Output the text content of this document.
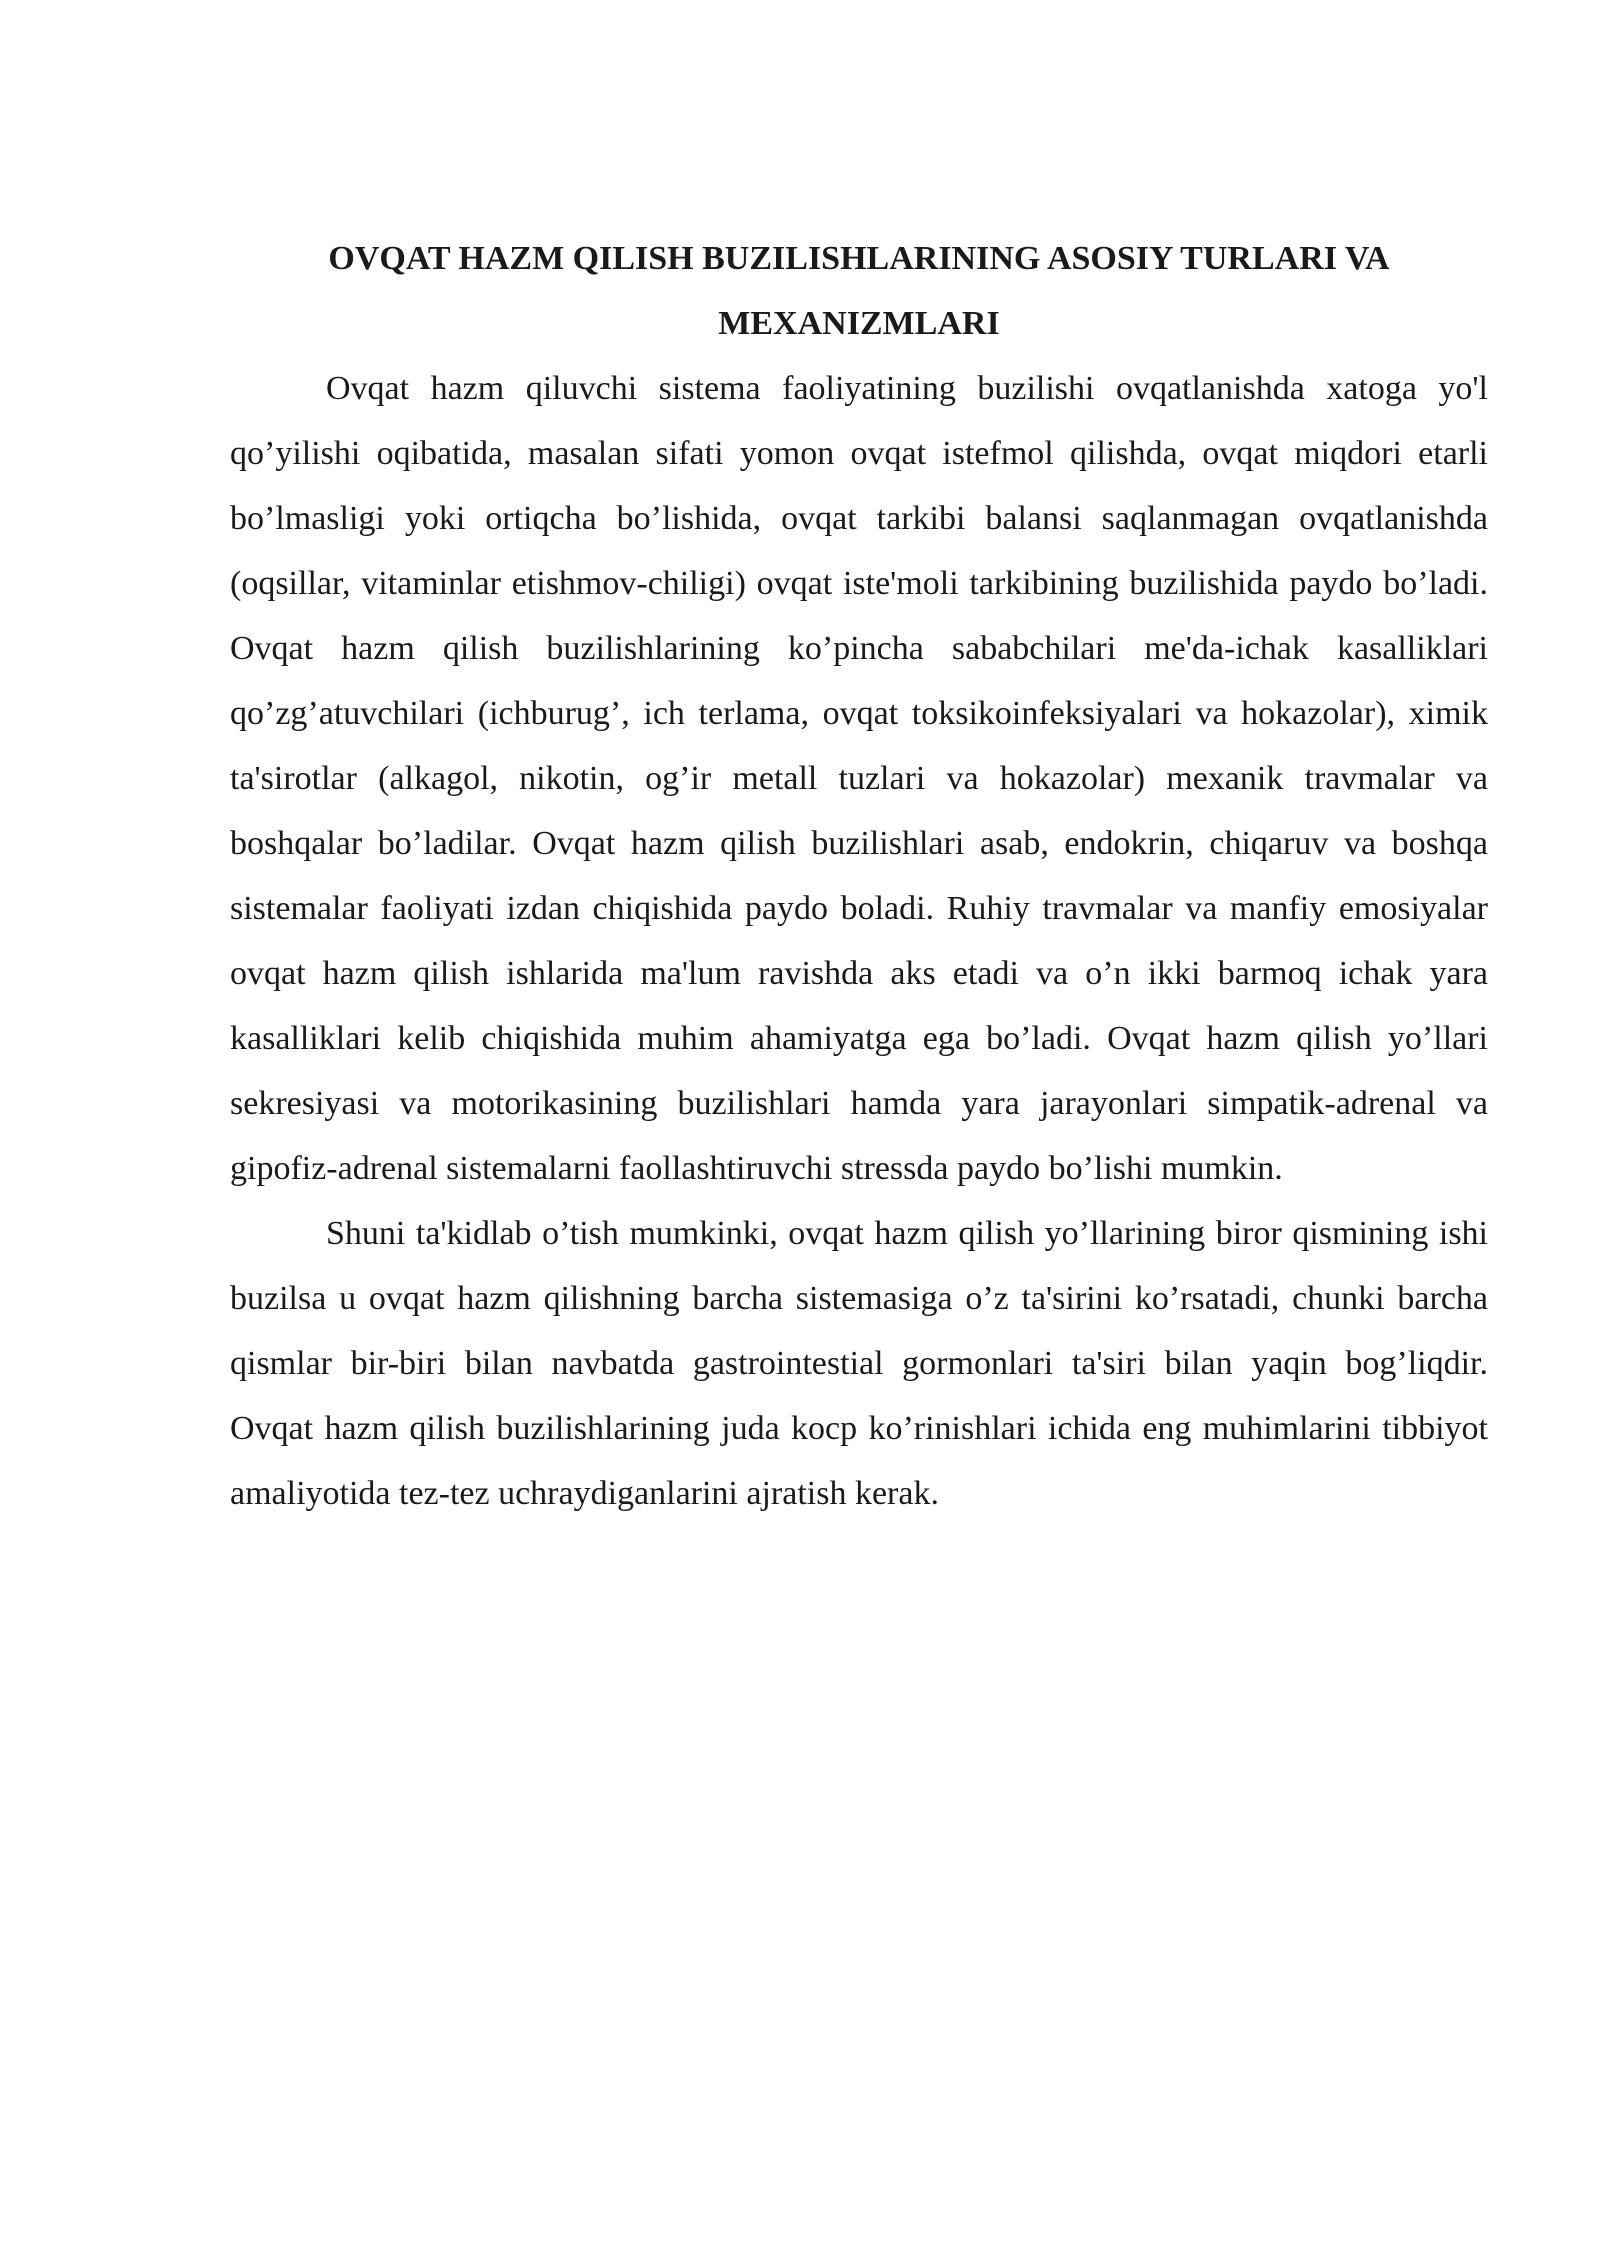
OVQAT HAZM QILISH BUZILISHLARINING ASOSIY TURLARI VA MEXANIZMLARI

Ovqat hazm qiluvchi sistema faoliyatining buzilishi ovqatlanishda xatoga yo'l qo’yilishi oqibatida, masalan sifati yomon ovqat istefmol qilishda, ovqat miqdori etarli bo’lmasligi yoki ortiqcha bo’lishida, ovqat tarkibi balansi saqlanmagan ovqatlanishda (oqsillar, vitaminlar etishmov-chiligi) ovqat iste'moli tarkibining buzilishida paydo bo’ladi. Ovqat hazm qilish buzilishlarining ko’pincha sababchilari me'da-ichak kasalliklari qo’zg’atuvchilari (ichburug’, ich terlama, ovqat toksikoinfeksiyalari va hokazolar), ximik ta'sirotlar (alkagol, nikotin, og’ir metall tuzlari va hokazolar) mexanik travmalar va boshqalar bo’ladilar. Ovqat hazm qilish buzilishlari asab, endokrin, chiqaruv va boshqa sistemalar faoliyati izdan chiqishida paydo boladi. Ruhiy travmalar va manfiy emosiyalar ovqat hazm qilish ishlarida ma'lum ravishda aks etadi va o’n ikki barmoq ichak yara kasalliklari kelib chiqishida muhim ahamiyatga ega bo’ladi. Ovqat hazm qilish yo’llari sekresiyasi va motorikasining buzilishlari hamda yara jarayonlari simpatik-adrenal va gipofiz-adrenal sistemalarni faollashtiruvchi stressda paydo bo’lishi mumkin.

Shuni ta'kidlab o’tish mumkinki, ovqat hazm qilish yo’llarining biror qismining ishi buzilsa u ovqat hazm qilishning barcha sistemasiga o’z ta'sirini ko’rsatadi, chunki barcha qismlar bir-biri bilan navbatda gastrointestial gormonlari ta'siri bilan yaqin bog’liqdir. Ovqat hazm qilish buzilishlarining juda kocp ko’rinishlari ichida eng muhimlarini tibbiyot amaliyotida tez-tez uchraydiganlarini ajratish kerak.
